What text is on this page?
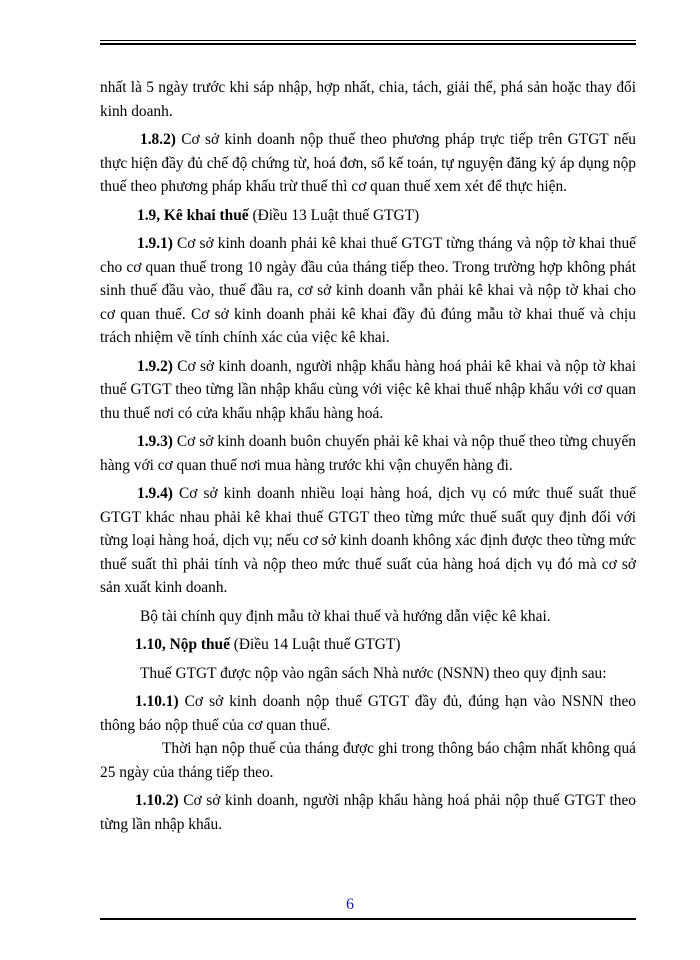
nhất là 5 ngày trước khi sáp nhập, hợp nhất, chia, tách, giải thể, phá sản hoặc thay đổi kinh doanh.

1.8.2) Cơ sở kinh doanh nộp thuế theo phương pháp trực tiếp trên GTGT nếu thực hiện đầy đủ chế độ chứng từ, hoá đơn, sổ kế toán, tự nguyện đăng ký áp dụng nộp thuế theo phương pháp khấu trừ thuế thì cơ quan thuế xem xét để thực hiện.

1.9, Kê khai thuế (Điều 13 Luật thuế GTGT)

1.9.1) Cơ sở kinh doanh phải kê khai thuế GTGT từng tháng và nộp tờ khai thuế cho cơ quan thuế trong 10 ngày đầu của tháng tiếp theo. Trong trường hợp không phát sinh thuế đầu vào, thuế đầu ra, cơ sở kinh doanh vẫn phải kê khai và nộp tờ khai cho cơ quan thuế. Cơ sở kinh doanh phải kê khai đầy đủ đúng mẫu tờ khai thuế và chịu trách nhiệm về tính chính xác của việc kê khai.

1.9.2) Cơ sở kinh doanh, người nhập khẩu hàng hoá phải kê khai và nộp tờ khai thuế GTGT theo từng lần nhập khẩu cùng với việc kê khai thuế nhập khẩu với cơ quan thu thuế nơi có cửa khẩu nhập khẩu hàng hoá.

1.9.3) Cơ sở kinh doanh buôn chuyến phải kê khai và nộp thuế theo từng chuyến hàng với cơ quan thuế nơi mua hàng trước khi vận chuyển hàng đi.

1.9.4) Cơ sở kinh doanh nhiều loại hàng hoá, dịch vụ có mức thuế suất thuế GTGT khác nhau phải kê khai thuế GTGT theo từng mức thuế suất quy định đối với từng loại hàng hoá, dịch vụ; nếu cơ sở kinh doanh không xác định được theo từng mức thuế suất thì phải tính và nộp theo mức thuế suất của hàng hoá dịch vụ đó mà cơ sở sản xuất kinh doanh.

Bộ tài chính quy định mẫu tờ khai thuế và hướng dẫn việc kê khai.

1.10, Nộp thuế (Điều 14 Luật thuế GTGT)

Thuế GTGT được nộp vào ngân sách Nhà nước (NSNN) theo quy định sau:

1.10.1) Cơ sở kinh doanh nộp thuế GTGT đầy đủ, đúng hạn vào NSNN theo thông báo nộp thuế của cơ quan thuế.

Thời hạn nộp thuế của tháng được ghi trong thông báo chậm nhất không quá 25 ngày của tháng tiếp theo.

1.10.2) Cơ sở kinh doanh, người nhập khẩu hàng hoá phải nộp thuế GTGT theo từng lần nhập khẩu.

6
